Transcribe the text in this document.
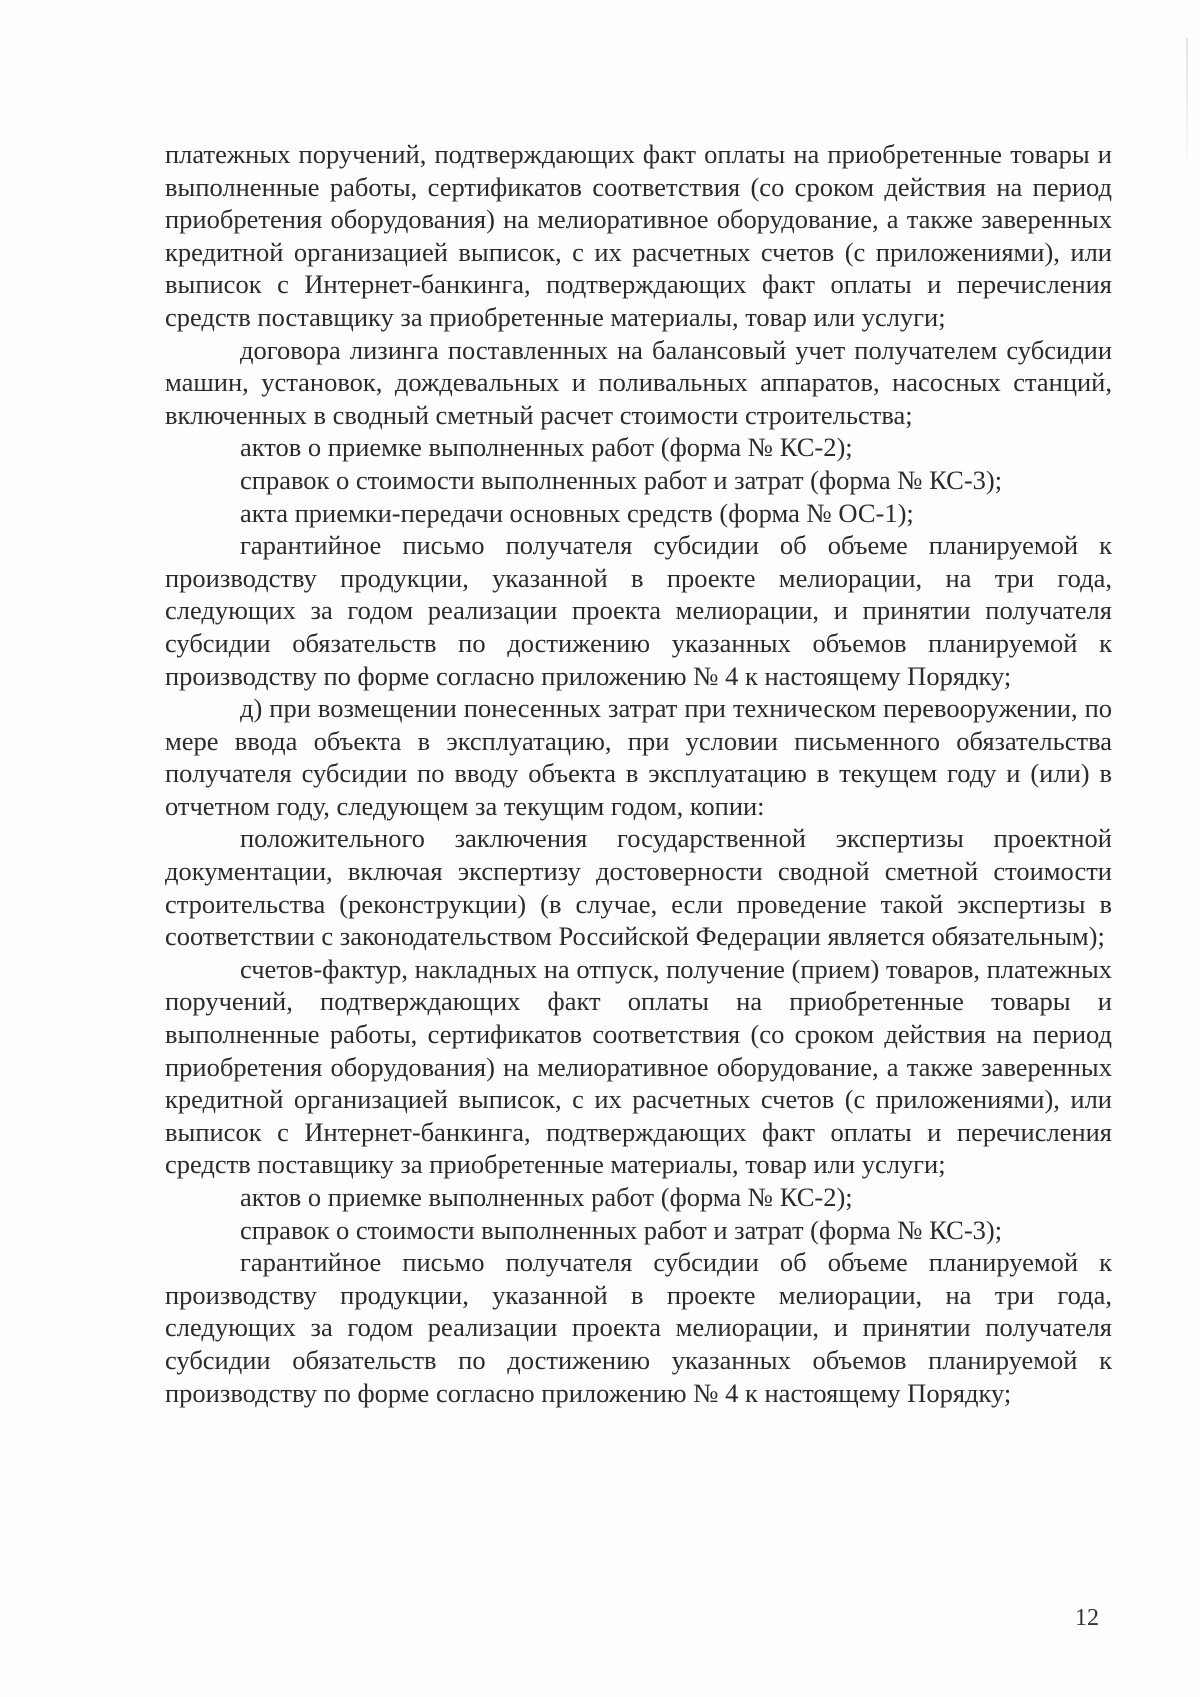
платежных поручений, подтверждающих факт оплаты на приобретенные товары и выполненные работы, сертификатов соответствия (со сроком действия на период приобретения оборудования) на мелиоративное оборудование, а также заверенных кредитной организацией выписок, с их расчетных счетов (с приложениями), или выписок с Интернет-банкинга, подтверждающих факт оплаты и перечисления средств поставщику за приобретенные материалы, товар или услуги;

договора лизинга поставленных на балансовый учет получателем субсидии машин, установок, дождевальных и поливальных аппаратов, насосных станций, включенных в сводный сметный расчет стоимости строительства;

актов о приемке выполненных работ (форма № КС-2);

справок о стоимости выполненных работ и затрат (форма № КС-3);

акта приемки-передачи основных средств (форма № ОС-1);

гарантийное письмо получателя субсидии об объеме планируемой к производству продукции, указанной в проекте мелиорации, на три года, следующих за годом реализации проекта мелиорации, и принятии получателя субсидии обязательств по достижению указанных объемов планируемой к производству по форме согласно приложению № 4 к настоящему Порядку;

д) при возмещении понесенных затрат при техническом перевооружении, по мере ввода объекта в эксплуатацию, при условии письменного обязательства получателя субсидии по вводу объекта в эксплуатацию в текущем году и (или) в отчетном году, следующем за текущим годом, копии:

положительного заключения государственной экспертизы проектной документации, включая экспертизу достоверности сводной сметной стоимости строительства (реконструкции) (в случае, если проведение такой экспертизы в соответствии с законодательством Российской Федерации является обязательным);

счетов-фактур, накладных на отпуск, получение (прием) товаров, платежных поручений, подтверждающих факт оплаты на приобретенные товары и выполненные работы, сертификатов соответствия (со сроком действия на период приобретения оборудования) на мелиоративное оборудование, а также заверенных кредитной организацией выписок, с их расчетных счетов (с приложениями), или выписок с Интернет-банкинга, подтверждающих факт оплаты и перечисления средств поставщику за приобретенные материалы, товар или услуги;

актов о приемке выполненных работ (форма № КС-2);

справок о стоимости выполненных работ и затрат (форма № КС-3);

гарантийное письмо получателя субсидии об объеме планируемой к производству продукции, указанной в проекте мелиорации, на три года, следующих за годом реализации проекта мелиорации, и принятии получателя субсидии обязательств по достижению указанных объемов планируемой к производству по форме согласно приложению № 4 к настоящему Порядку;

12
